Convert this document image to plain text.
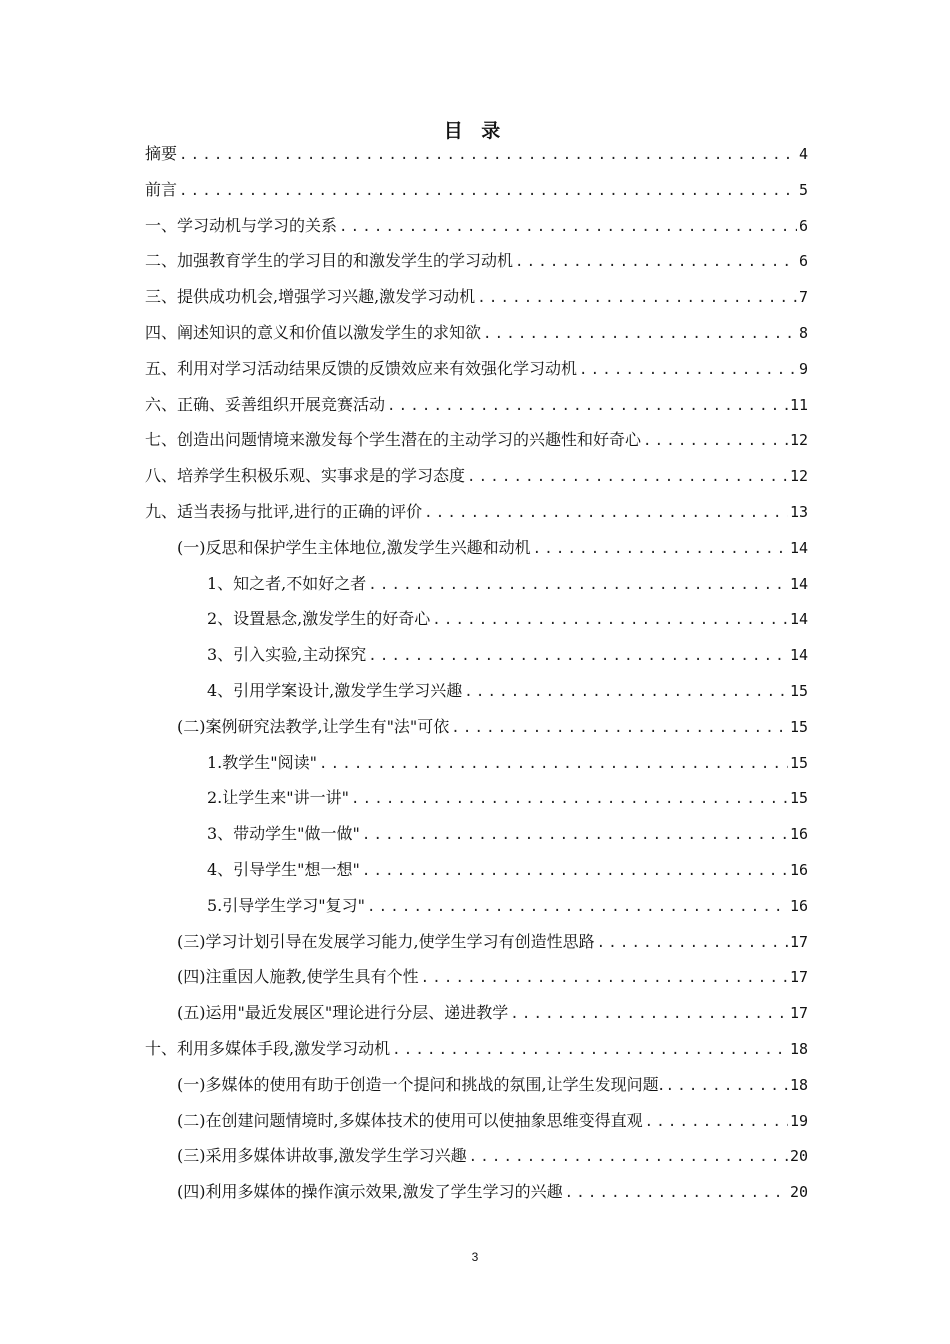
目 录
摘要 .....	4
前言 .....	5
一、学习动机与学习的关系 .....	6
二、加强教育学生的学习目的和激发学生的学习动机 .....	6
三、提供成功机会,增强学习兴趣,激发学习动机 .....	7
四、阐述知识的意义和价值以激发学生的求知欲 .....	8
五、利用对学习活动结果反馈的反馈效应来有效强化学习动机 .....	9
六、正确、妥善组织开展竞赛活动 .....	11
七、创造出问题情境来激发每个学生潜在的主动学习的兴趣性和好奇心 .....	12
八、培养学生积极乐观、实事求是的学习态度 .....	12
九、适当表扬与批评,进行的正确的评价 .....	13
(一)反思和保护学生主体地位,激发学生兴趣和动机 .....	14
1、知之者,不如好之者 .....	14
2、设置悬念,激发学生的好奇心 .....	14
3、引入实验,主动探究 .....	14
4、引用学案设计,激发学生学习兴趣 .....	15
(二)案例研究法教学,让学生有"法"可依 .....	15
1.教学生"阅读" .....	15
2.让学生来"讲一讲" .....	15
3、带动学生"做一做" .....	16
4、引导学生"想一想" .....	16
5.引导学生学习"复习" .....	16
(三)学习计划引导在发展学习能力,使学生学习有创造性思路 .....	17
(四)注重因人施教,使学生具有个性 .....	17
(五)运用"最近发展区"理论进行分层、递进教学 .....	17
十、利用多媒体手段,激发学习动机 .....	18
(一)多媒体的使用有助于创造一个提问和挑战的氛围,让学生发现问题. .....	18
(二)在创建问题情境时,多媒体技术的使用可以使抽象思维变得直观 .....	19
(三)采用多媒体讲故事,激发学生学习兴趣 .....	20
(四)利用多媒体的操作演示效果,激发了学生学习的兴趣 .....	20
3
